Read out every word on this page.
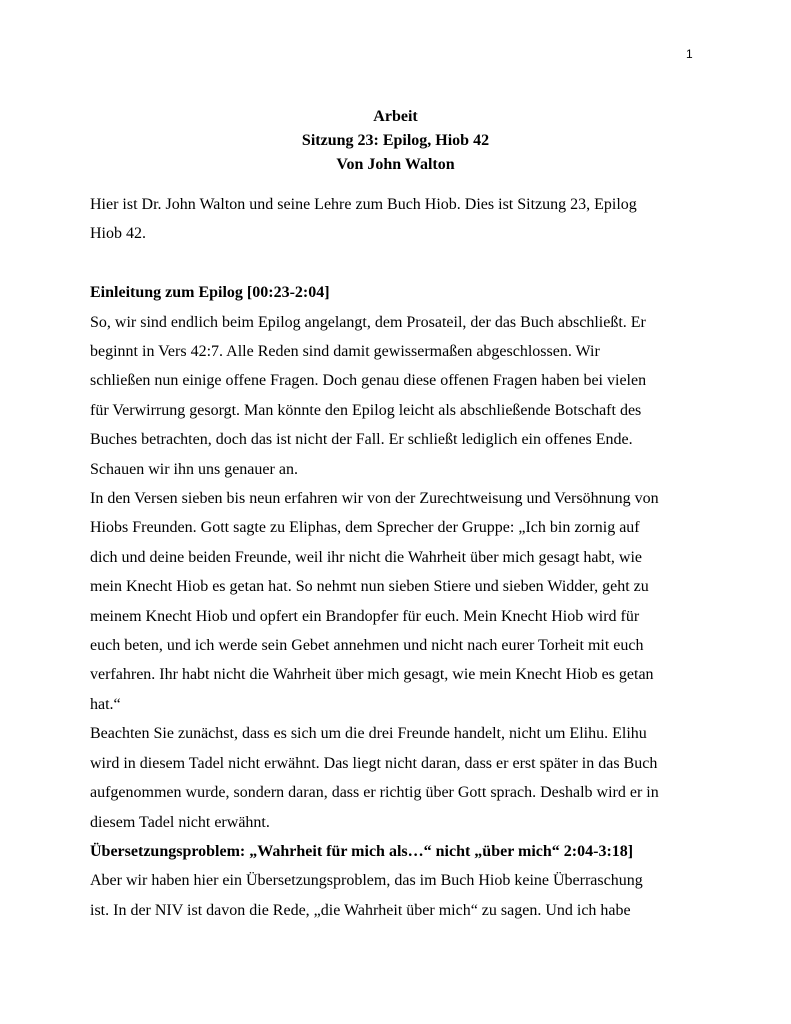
1
Arbeit
Sitzung 23: Epilog, Hiob 42
Von John Walton

Hier ist Dr. John Walton und seine Lehre zum Buch Hiob. Dies ist Sitzung 23, Epilog

Hiob 42.

Einleitung zum Epilog [00:23-2:04]

So, wir sind endlich beim Epilog angelangt, dem Prosateil, der das Buch abschließt. Er

beginnt in Vers 42:7. Alle Reden sind damit gewissermaßen abgeschlossen. Wir

schließen nun einige offene Fragen. Doch genau diese offenen Fragen haben bei vielen

für Verwirrung gesorgt. Man könnte den Epilog leicht als abschließende Botschaft des

Buches betrachten, doch das ist nicht der Fall. Er schließt lediglich ein offenes Ende.

Schauen wir ihn uns genauer an.

In den Versen sieben bis neun erfahren wir von der Zurechtweisung und Versöhnung von

Hiobs Freunden. Gott sagte zu Eliphas, dem Sprecher der Gruppe: „Ich bin zornig auf

dich und deine beiden Freunde, weil ihr nicht die Wahrheit über mich gesagt habt, wie

mein Knecht Hiob es getan hat. So nehmt nun sieben Stiere und sieben Widder, geht zu

meinem Knecht Hiob und opfert ein Brandopfer für euch. Mein Knecht Hiob wird für

euch beten, und ich werde sein Gebet annehmen und nicht nach eurer Torheit mit euch

verfahren. Ihr habt nicht die Wahrheit über mich gesagt, wie mein Knecht Hiob es getan

hat.“

Beachten Sie zunächst, dass es sich um die drei Freunde handelt, nicht um Elihu. Elihu

wird in diesem Tadel nicht erwähnt. Das liegt nicht daran, dass er erst später in das Buch

aufgenommen wurde, sondern daran, dass er richtig über Gott sprach. Deshalb wird er in

diesem Tadel nicht erwähnt.

Übersetzungsproblem: „Wahrheit für mich als…“ nicht „über mich“ 2:04-3:18]

Aber wir haben hier ein Übersetzungsproblem, das im Buch Hiob keine Überraschung

ist. In der NIV ist davon die Rede, „die Wahrheit über mich“ zu sagen. Und ich habe
